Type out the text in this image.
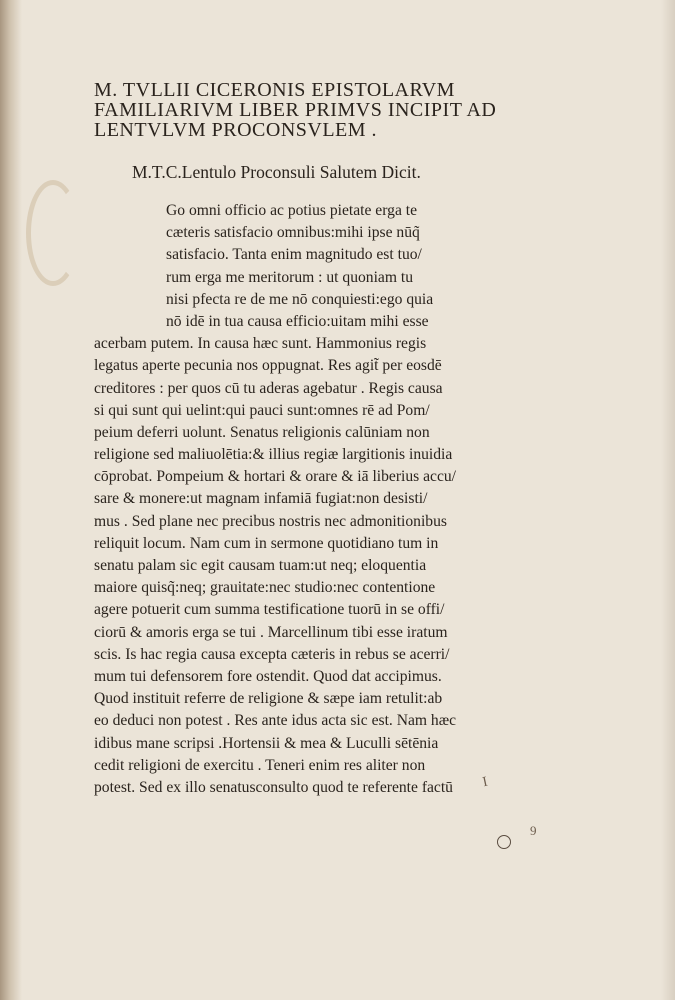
M. TVLLII CICERONIS EPISTOLARVM
FAMILIARIVM LIBER PRIMVS INCIPIT AD
LENTVLVM PROCONSVLEM .
M.T.C.Lentulo Proconsuli Salutem Dicit.
Go omni officio ac potius pietate erga te
cæteris satisfacio omnibus:mihi ipse nūq̃
satisfacio. Tanta enim magnitudo est tuo/
rum erga me meritorum : ut quoniam tu
nisi pfecta re de me nō conquiesti:ego quia
nō idē in tua causa efficio:uitam mihi esse
acerbam putem. In causa hæc sunt. Hammonius regis
legatus aperte pecunia nos oppugnat. Res agit̃ per eosdē
creditores : per quos cū tu aderas agebatur . Regis causa
si qui sunt qui uelint:qui pauci sunt:omnes rē ad Pom/
peium deferri uolunt. Senatus religionis calūniam non
religione sed maliuolētia:& illius regiæ largitionis inuidia
cōprobat. Pompeium & hortari & orare & iā liberius accu/
sare & monere:ut magnam infamiā fugiat:non desisti/
mus . Sed plane nec precibus nostris nec admonitionibus
reliquit locum. Nam cum in sermone quotidiano tum in
senatu palam sic egit causam tuam:ut neq; eloquentia
maiore quisq̃:neq; grauitate:nec studio:nec contentione
agere potuerit cum summa testificatione tuorū in se offi/
ciorū & amoris erga se tui . Marcellinum tibi esse iratum
scis. Is hac regia causa excepta cæteris in rebus se acerri/
mum tui defensorem fore ostendit. Quod dat accipimus.
Quod instituit referre de religione & sæpe iam retulit:ab
eo deduci non potest . Res ante idus acta sic est. Nam hæc
idibus mane scripsi .Hortensii & mea & Luculli sētēnia
cedit religioni de exercitu . Teneri enim res aliter non
potest. Sed ex illo senatusconsulto quod te referente factū	I
9
